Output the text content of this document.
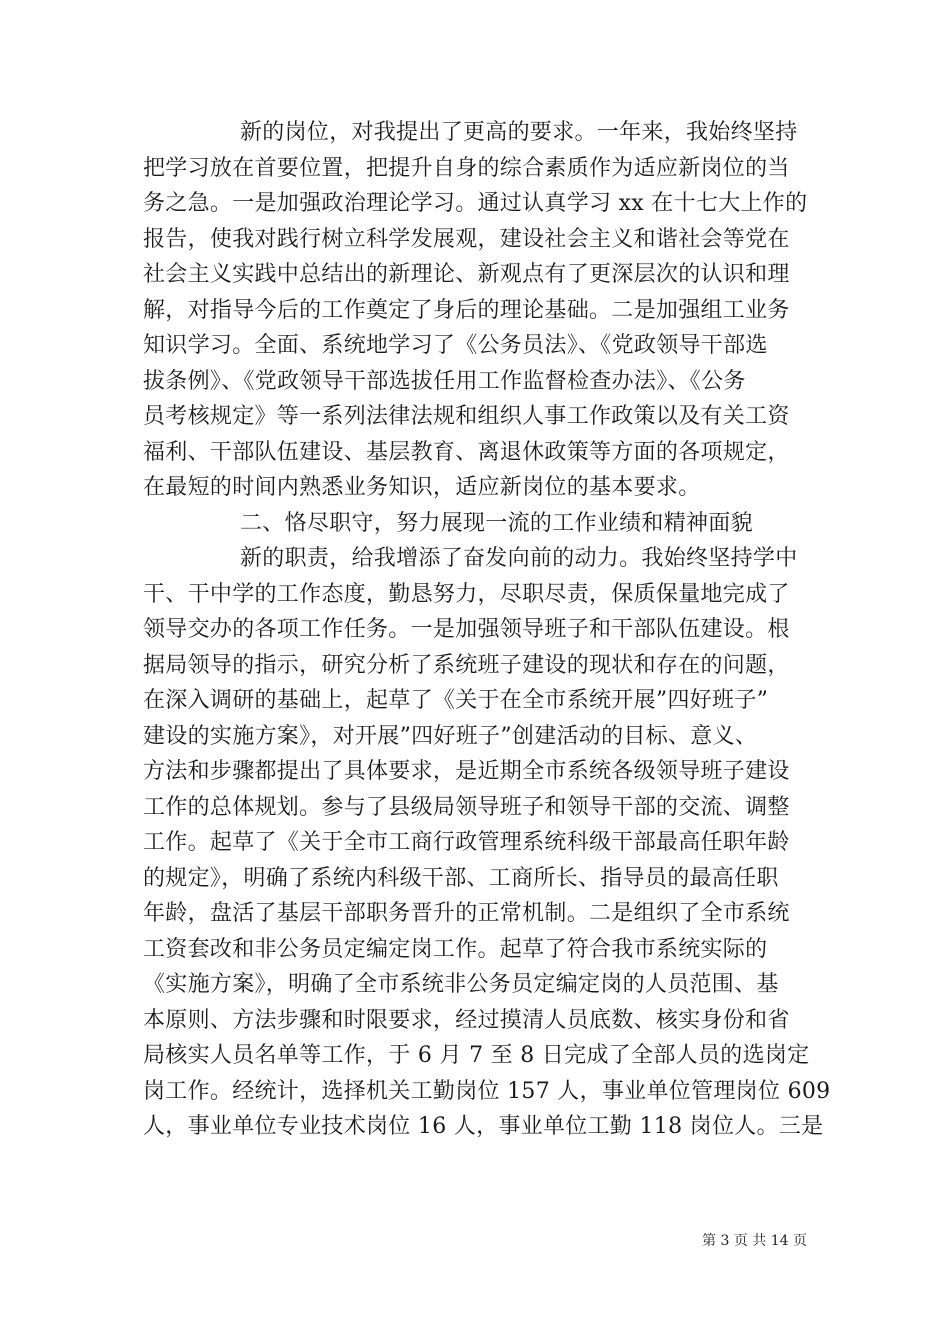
新的岗位，对我提出了更高的要求。一年来，我始终坚持
把学习放在首要位置，把提升自身的综合素质作为适应新岗位的当
务之急。一是加强政治理论学习。通过认真学习 xx 在十七大上作的
报告，使我对践行树立科学发展观，建设社会主义和谐社会等党在
社会主义实践中总结出的新理论、新观点有了更深层次的认识和理
解，对指导今后的工作奠定了身后的理论基础。二是加强组工业务
知识学习。全面、系统地学习了《公务员法》、《党政领导干部选
拔条例》、《党政领导干部选拔任用工作监督检查办法》、《公务
员考核规定》等一系列法律法规和组织人事工作政策以及有关工资
福利、干部队伍建设、基层教育、离退休政策等方面的各项规定，
在最短的时间内熟悉业务知识，适应新岗位的基本要求。
二、恪尽职守，努力展现一流的工作业绩和精神面貌
新的职责，给我增添了奋发向前的动力。我始终坚持学中
干、干中学的工作态度，勤恳努力，尽职尽责，保质保量地完成了
领导交办的各项工作任务。一是加强领导班子和干部队伍建设。根
据局领导的指示，研究分析了系统班子建设的现状和存在的问题，
在深入调研的基础上，起草了《关于在全市系统开展”四好班子”
建设的实施方案》，对开展”四好班子”创建活动的目标、意义、
方法和步骤都提出了具体要求，是近期全市系统各级领导班子建设
工作的总体规划。参与了县级局领导班子和领导干部的交流、调整
工作。起草了《关于全市工商行政管理系统科级干部最高任职年龄
的规定》，明确了系统内科级干部、工商所长、指导员的最高任职
年龄，盘活了基层干部职务晋升的正常机制。二是组织了全市系统
工资套改和非公务员定编定岗工作。起草了符合我市系统实际的
《实施方案》，明确了全市系统非公务员定编定岗的人员范围、基
本原则、方法步骤和时限要求，经过摸清人员底数、核实身份和省
局核实人员名单等工作，于 6 月 7 至 8 日完成了全部人员的选岗定
岗工作。经统计，选择机关工勤岗位 157 人，事业单位管理岗位 609
人，事业单位专业技术岗位 16 人，事业单位工勤 118 岗位人。三是
第 3 页 共 14 页
